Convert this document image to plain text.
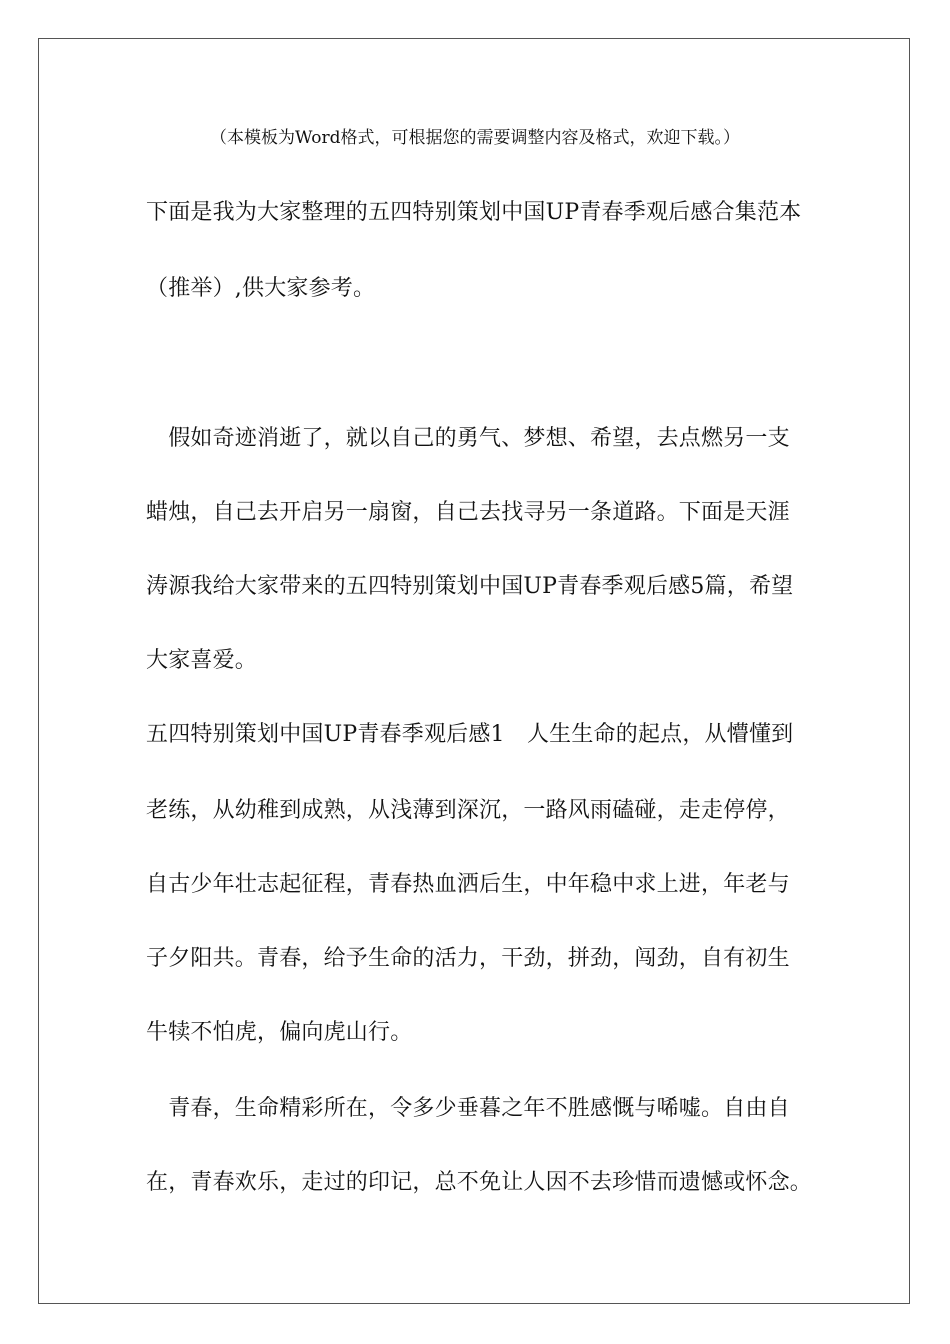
（本模板为Word格式，可根据您的需要调整内容及格式，欢迎下载。）
下面是我为大家整理的五四特别策划中国UP青春季观后感合集范本
（推举）,供大家参考。
　假如奇迹消逝了，就以自己的勇气、梦想、希望，去点燃另一支
蜡烛，自己去开启另一扇窗，自己去找寻另一条道路。下面是天涯
涛源我给大家带来的五四特别策划中国UP青春季观后感5篇，希望
大家喜爱。
五四特别策划中国UP青春季观后感1　人生生命的起点，从懵懂到
老练，从幼稚到成熟，从浅薄到深沉，一路风雨磕碰，走走停停，
自古少年壮志起征程，青春热血洒后生，中年稳中求上进，年老与
子夕阳共。青春，给予生命的活力，干劲，拼劲，闯劲，自有初生
牛犊不怕虎，偏向虎山行。
　青春，生命精彩所在，令多少垂暮之年不胜感慨与唏嘘。自由自
在，青春欢乐，走过的印记，总不免让人因不去珍惜而遗憾或怀念。
